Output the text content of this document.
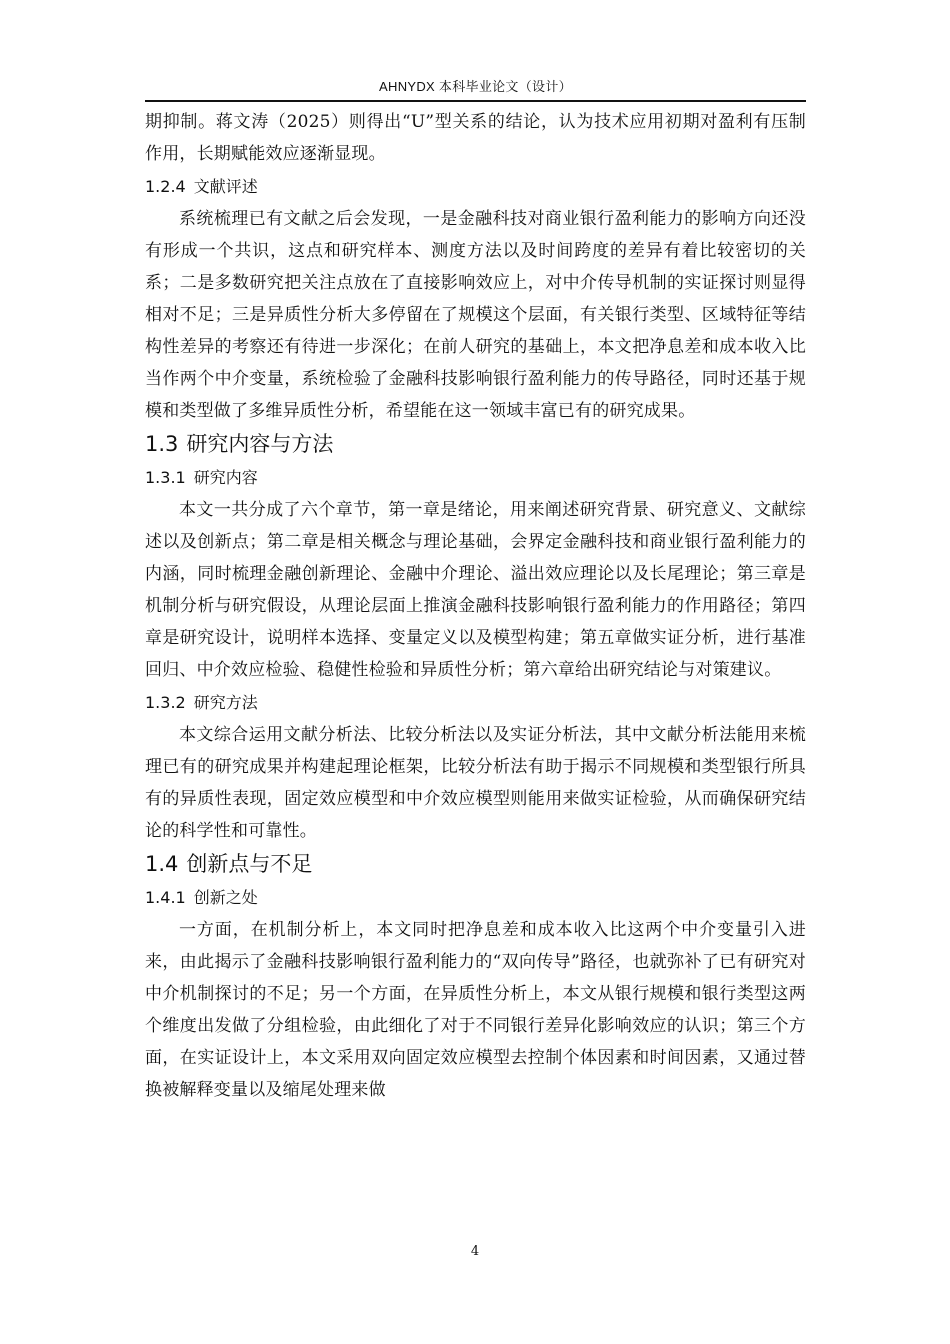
AHNYDX 本科毕业论文（设计）

期抑制。蒋文涛（2025）则得出“U”型关系的结论，认为技术应用初期对盈利有压制作用，长期赋能效应逐渐显现。

1.2.4 文献评述

系统梳理已有文献之后会发现，一是金融科技对商业银行盈利能力的影响方向还没有形成一个共识，这点和研究样本、测度方法以及时间跨度的差异有着比较密切的关系；二是多数研究把关注点放在了直接影响效应上，对中介传导机制的实证探讨则显得相对不足；三是异质性分析大多停留在了规模这个层面，有关银行类型、区域特征等结构性差异的考察还有待进一步深化；在前人研究的基础上，本文把净息差和成本收入比当作两个中介变量，系统检验了金融科技影响银行盈利能力的传导路径，同时还基于规模和类型做了多维异质性分析，希望能在这一领域丰富已有的研究成果。

1.3 研究内容与方法
1.3.1 研究内容

本文一共分成了六个章节，第一章是绪论，用来阐述研究背景、研究意义、文献综述以及创新点；第二章是相关概念与理论基础，会界定金融科技和商业银行盈利能力的内涵，同时梳理金融创新理论、金融中介理论、溢出效应理论以及长尾理论；第三章是机制分析与研究假设，从理论层面上推演金融科技影响银行盈利能力的作用路径；第四章是研究设计，说明样本选择、变量定义以及模型构建；第五章做实证分析，进行基准回归、中介效应检验、稳健性检验和异质性分析；第六章给出研究结论与对策建议。

1.3.2 研究方法

本文综合运用文献分析法、比较分析法以及实证分析法，其中文献分析法能用来梳理已有的研究成果并构建起理论框架，比较分析法有助于揭示不同规模和类型银行所具有的异质性表现，固定效应模型和中介效应模型则能用来做实证检验，从而确保研究结论的科学性和可靠性。

1.4 创新点与不足
1.4.1 创新之处

一方面，在机制分析上，本文同时把净息差和成本收入比这两个中介变量引入进来，由此揭示了金融科技影响银行盈利能力的“双向传导”路径，也就弥补了已有研究对中介机制探讨的不足；另一个方面，在异质性分析上，本文从银行规模和银行类型这两个维度出发做了分组检验，由此细化了对于不同银行差异化影响效应的认识；第三个方面，在实证设计上，本文采用双向固定效应模型去控制个体因素和时间因素，又通过替换被解释变量以及缩尾处理来做

4
